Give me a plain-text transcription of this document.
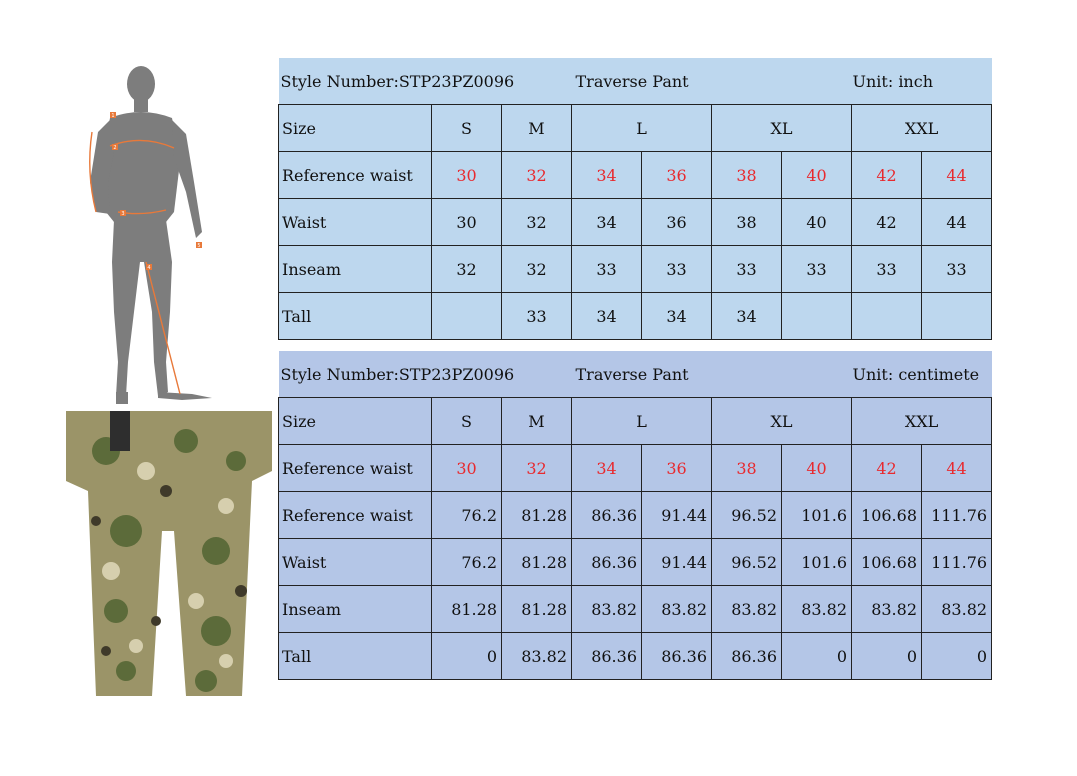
1
2
3
4
5
Style Number:STP23PZ0096 Traverse Pant Unit: inch								

Size	S	M	L		XL		XXL	
Reference waist	30	32	34	36	38	40	42	44
Waist	30	32	34	36	38	40	42	44
Inseam	32	32	33	33	33	33	33	33
Tall		33	34	34	34			
Style Number:STP23PZ0096 Traverse Pant Unit: centimete								

Size	S	M	L		XL		XXL	
Reference waist	30	32	34	36	38	40	42	44
Reference waist	76.2	81.28	86.36	91.44	96.52	101.6	106.68	111.76
Waist	76.2	81.28	86.36	91.44	96.52	101.6	106.68	111.76
Inseam	81.28	81.28	83.82	83.82	83.82	83.82	83.82	83.82
Tall	0	83.82	86.36	86.36	86.36	0	0	0
